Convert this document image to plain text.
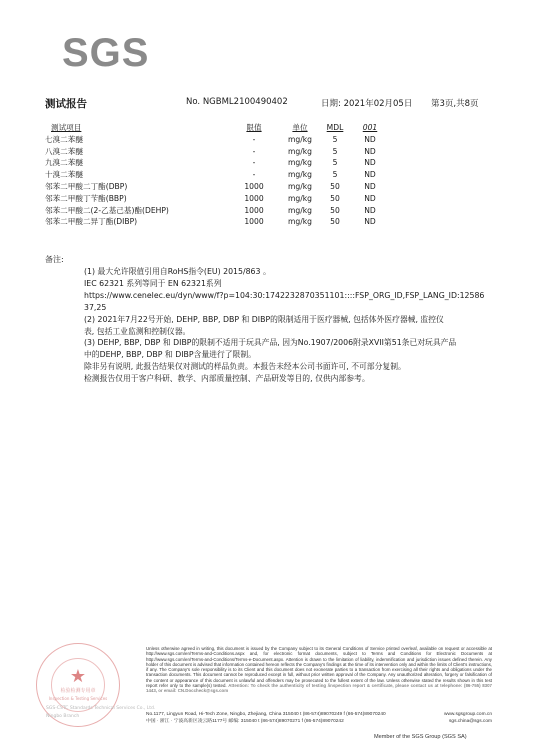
SGS
测试报告	No. NGBML2100490402	日期: 2021年02月05日 第3页,共8页
测试项目	限值	单位	MDL	001
七溴二苯醚	-	mg/kg	5	ND
八溴二苯醚	-	mg/kg	5	ND
九溴二苯醚	-	mg/kg	5	ND
十溴二苯醚	-	mg/kg	5	ND
邻苯二甲酸二丁酯(DBP)	1000	mg/kg	50	ND
邻苯二甲酸丁苄酯(BBP)	1000	mg/kg	50	ND
邻苯二甲酸二(2-乙基己基)酯(DEHP)	1000	mg/kg	50	ND
邻苯二甲酸二异丁酯(DIBP)	1000	mg/kg	50	ND
备注:

(1) 最大允许限值引用自RoHS指令(EU) 2015/863 。

IEC 62321 系列等同于 EN 62321系列

https://www.cenelec.eu/dyn/www/f?p=104:30:1742232870351101::::FSP_ORG_ID,FSP_LANG_ID:12586

37,25

(2) 2021年7月22号开始, DEHP, BBP, DBP 和 DIBP的限制适用于医疗器械, 包括体外医疗器械, 监控仪

表, 包括工业监测和控制仪器。

(3) DEHP, BBP, DBP 和 DIBP的限制不适用于玩具产品, 因为No.1907/2006附录XVII第51条已对玩具产品

中的DEHP, BBP, DBP 和 DIBP含量进行了限制。

除非另有说明, 此报告结果仅对测试的样品负责。本报告未经本公司书面许可, 不可部分复制。

检测报告仅用于客户科研、教学、内部质量控制、产品研发等目的, 仅供内部参考。

★
检验检测专用章
Inspection & Testing Services
SGS-CSTC Standards Technical Services Co., Ltd.
Ningbo Branch
Unless otherwise agreed in writing, this document is issued by the Company subject to its General Conditions of Service printed overleaf, available on request or accessible at http://www.sgs.com/en/Terms-and-Conditions.aspx and, for electronic format documents, subject to Terms and Conditions for Electronic Documents at http://www.sgs.com/en/Terms-and-Conditions/Terms-e-Document.aspx. Attention is drawn to the limitation of liability, indemnification and jurisdiction issues defined therein. Any holder of this document is advised that information contained hereon reflects the Company's findings at the time of its intervention only and within the limits of Client's instructions, if any. The Company's sole responsibility is to its Client and this document does not exonerate parties to a transaction from exercising all their rights and obligations under the transaction documents. This document cannot be reproduced except in full, without prior written approval of the Company. Any unauthorized alteration, forgery or falsification of the content or appearance of this document is unlawful and offenders may be prosecuted to the fullest extent of the law. Unless otherwise stated the results shown in this test report refer only to the sample(s) tested. Attention: To check the authenticity of testing /inspection report & certificate, please contact us at telephone: (86-755) 8307 1443, or email: CN.Doccheck@sgs.com
No.1177, Lingyun Road, Hi-Tech Zone, Ningbo, Zhejiang, China 315040 t (86-574)89070249 f (86-574)89070240	www.sgsgroup.com.cn
中国 · 浙江 · 宁波高新区凌云路1177号 邮编: 315040 t (86-574)89070271 f (86-574)89070242	sgs.china@sgs.com
Member of the SGS Group (SGS SA)
